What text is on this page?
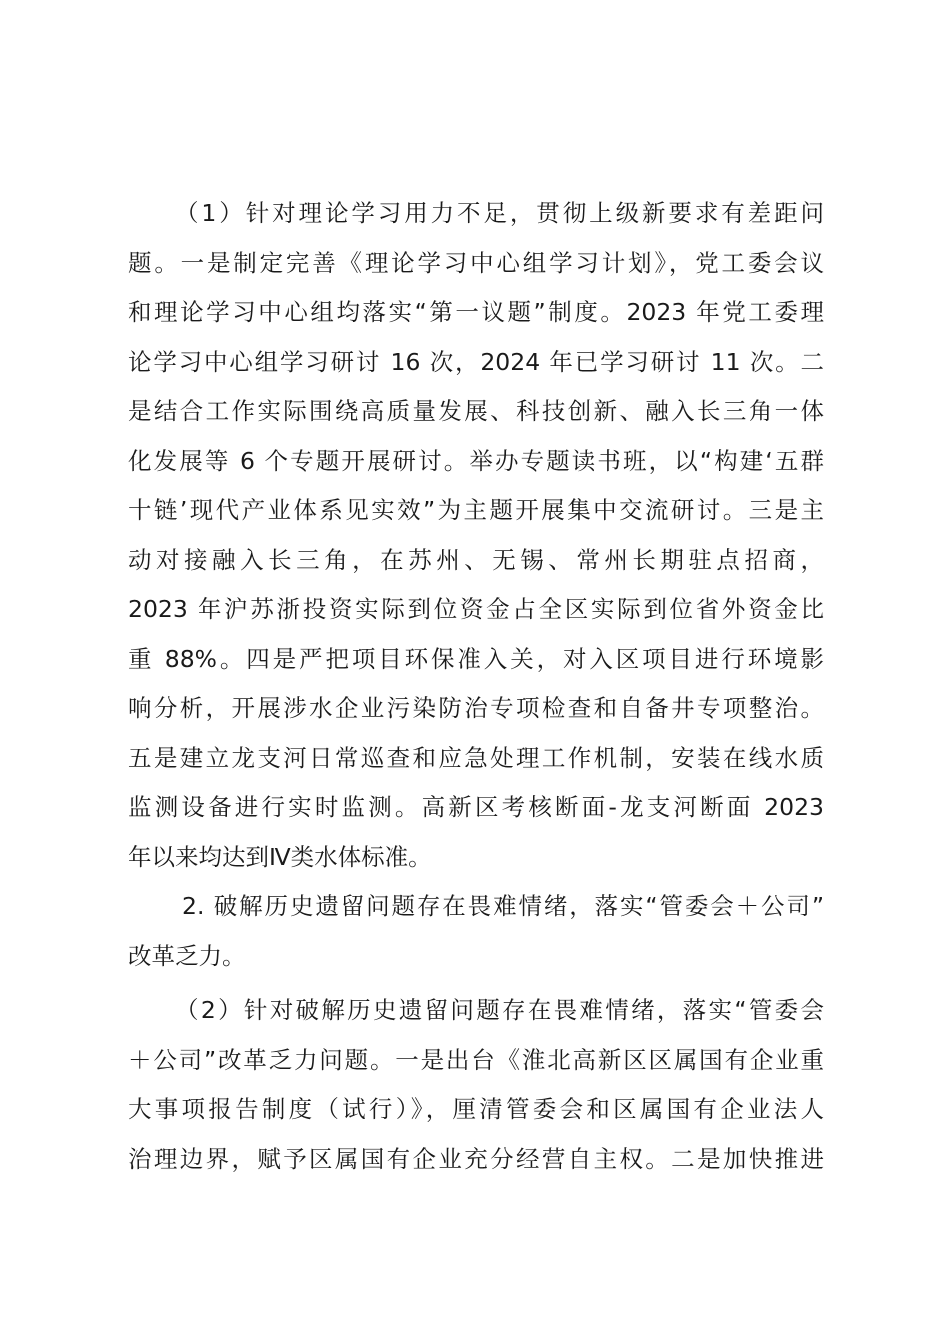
（1）针对理论学习用力不足，贯彻上级新要求有差距问
题。一是制定完善《理论学习中心组学习计划》，党工委会议
和理论学习中心组均落实“第一议题”制度。2023 年党工委理
论学习中心组学习研讨 16 次，2024 年已学习研讨 11 次。二
是结合工作实际围绕高质量发展、科技创新、融入长三角一体
化发展等 6 个专题开展研讨。举办专题读书班，以“构建‘五群
十链’现代产业体系见实效”为主题开展集中交流研讨。三是主
动对接融入长三角，在苏州、无锡、常州长期驻点招商，
2023 年沪苏浙投资实际到位资金占全区实际到位省外资金比
重 88%。四是严把项目环保准入关，对入区项目进行环境影
响分析，开展涉水企业污染防治专项检查和自备井专项整治。
五是建立龙支河日常巡查和应急处理工作机制，安装在线水质
监测设备进行实时监测。高新区考核断面-龙支河断面 2023
年以来均达到Ⅳ类水体标准。
2. 破解历史遗留问题存在畏难情绪，落实“管委会＋公司”
改革乏力。
（2）针对破解历史遗留问题存在畏难情绪，落实“管委会
＋公司”改革乏力问题。一是出台《淮北高新区区属国有企业重
大事项报告制度（试行）》，厘清管委会和区属国有企业法人
治理边界，赋予区属国有企业充分经营自主权。二是加快推进
